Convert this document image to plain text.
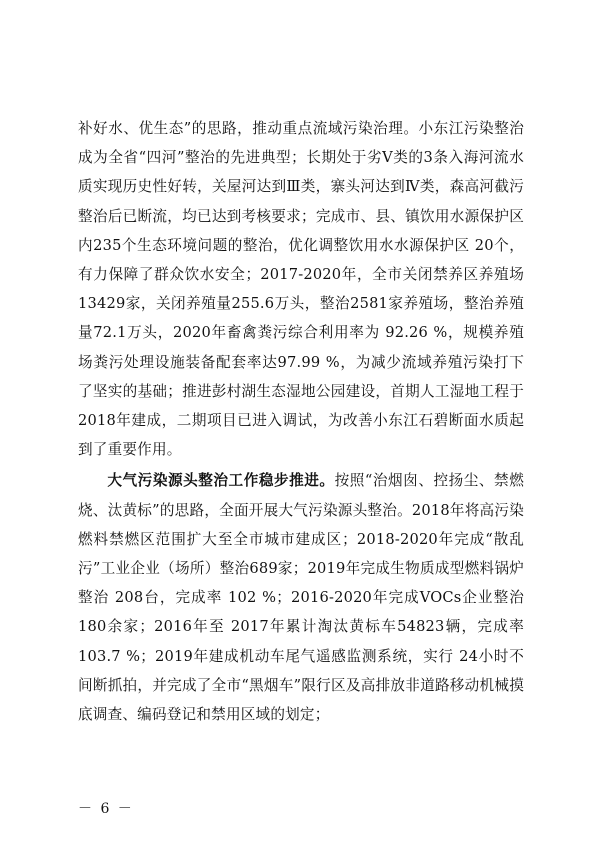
补好水、优生态”的思路，推动重点流域污染治理。小东江污染整治成为全省“四河”整治的先进典型；长期处于劣Ⅴ类的3条入海河流水质实现历史性好转，关屋河达到Ⅲ类，寨头河达到Ⅳ类，森高河截污整治后已断流，均已达到考核要求；完成市、县、镇饮用水源保护区内235个生态环境问题的整治，优化调整饮用水水源保护区 20个，有力保障了群众饮水安全；2017-2020年，全市关闭禁养区养殖场13429家，关闭养殖量255.6万头，整治2581家养殖场，整治养殖量72.1万头，2020年畜禽粪污综合利用率为 92.26 %，规模养殖场粪污处理设施装备配套率达97.99 %，为减少流域养殖污染打下了坚实的基础；推进彭村湖生态湿地公园建设，首期人工湿地工程于 2018年建成，二期项目已进入调试，为改善小东江石碧断面水质起到了重要作用。

大气污染源头整治工作稳步推进。按照“治烟囱、控扬尘、禁燃烧、汰黄标”的思路，全面开展大气污染源头整治。2018年将高污染燃料禁燃区范围扩大至全市城市建成区；2018-2020年完成“散乱污”工业企业（场所）整治689家；2019年完成生物质成型燃料锅炉整治 208台，完成率 102 %；2016-2020年完成VOCs企业整治 180余家；2016年至 2017年累计淘汰黄标车54823辆，完成率 103.7 %；2019年建成机动车尾气遥感监测系统，实行 24小时不间断抓拍，并完成了全市“黑烟车”限行区及高排放非道路移动机械摸底调查、编码登记和禁用区域的划定；

－ 6 －
